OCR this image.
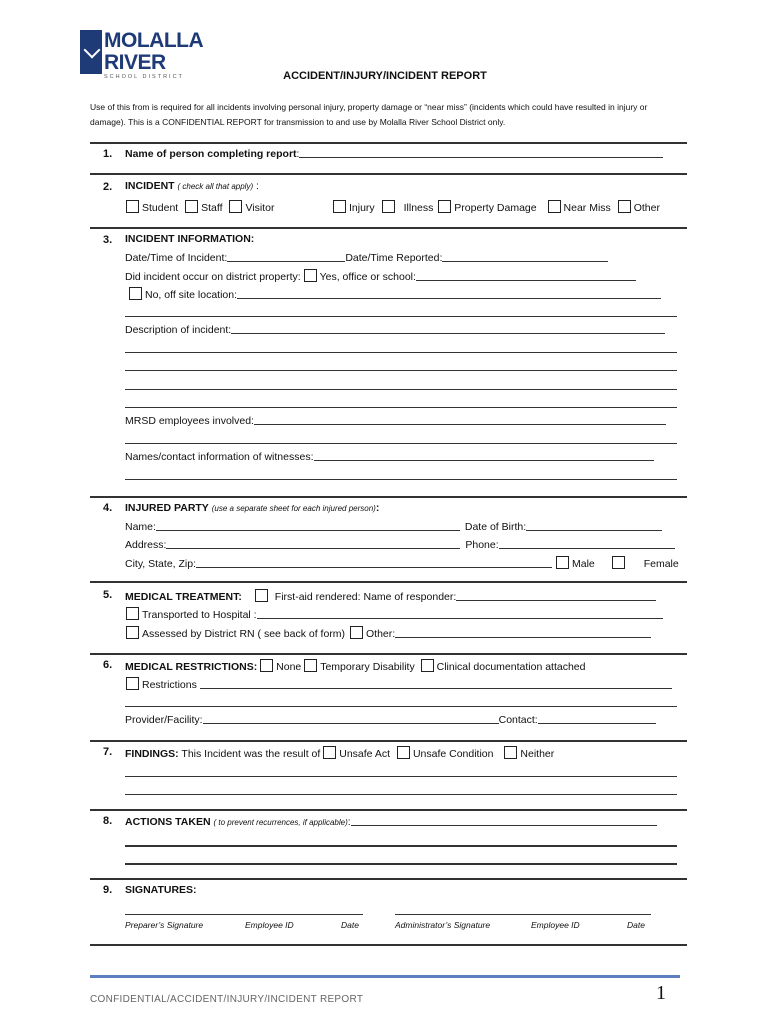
MOLALLA
RIVER
SCHOOL DISTRICT	ACCIDENT/INJURY/INCIDENT REPORT
Use of this from is required for all incidents involving personal injury, property damage or “near miss” (incidents which could have resulted in injury or damage). This is a CONFIDENTIAL REPORT for transmission to and use by Molalla River School District only.
1. Name of person completing report:
2. INCIDENT ( check all that apply) :
Student Staff Visitor	Injury	Illness Property Damage	Near Miss Other
3. INCIDENT INFORMATION:
Date/Time of Incident:	Date/Time Reported:
Did incident occur on district property: Yes, office or school:
No, off site location:
Description of incident:
MRSD employees involved:
Names/contact information of witnesses:
4. INJURED PARTY (use a separate sheet for each injured person):
Name:	Date of Birth:
Address:	Phone:
City, State, Zip:	Male	Female
5. MEDICAL TREATMENT:	First-aid rendered: Name of responder:
Transported to Hospital :
Assessed by District RN ( see back of form) Other:
6. MEDICAL RESTRICTIONS: None Temporary Disability Clinical documentation attached
Restrictions
Provider/Facility:	Contact:
7. FINDINGS: This Incident was the result of Unsafe Act Unsafe Condition	Neither
8. ACTIONS TAKEN ( to prevent recurrences, if applicable):
9. SIGNATURES:
Preparer’s Signature	Employee ID	Date	Administrator’s Signature	Employee ID	Date
CONFIDENTIAL/ACCIDENT/INJURY/INCIDENT REPORT	1
